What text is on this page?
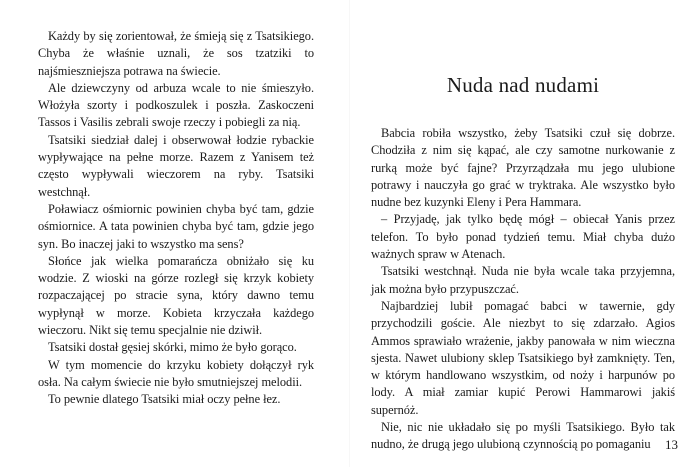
Każdy by się zorientował, że śmieją się z Tsatsikiego. Chyba że właśnie uznali, że sos tzatziki to najśmieszniejsza potrawa na świecie.

Ale dziewczyny od arbuza wcale to nie śmieszyło. Włożyła szorty i podkoszulek i poszła. Zaskoczeni Tassos i Vasilis zebrali swoje rzeczy i pobiegli za nią.

Tsatsiki siedział dalej i obserwował łodzie rybackie wypływające na pełne morze. Razem z Yanisem też często wypływali wieczorem na ryby. Tsatsiki westchnął.

Poławiacz ośmiornic powinien chyba być tam, gdzie ośmiornice. A tata powinien chyba być tam, gdzie jego syn. Bo inaczej jaki to wszystko ma sens?

Słońce jak wielka pomarańcza obniżało się ku wodzie. Z wioski na górze rozległ się krzyk kobiety rozpaczającej po stracie syna, który dawno temu wypłynął w morze. Kobieta krzyczała każdego wieczoru. Nikt się temu specjalnie nie dziwił.

Tsatsiki dostał gęsiej skórki, mimo że było gorąco.

W tym momencie do krzyku kobiety dołączył ryk osła. Na całym świecie nie było smutniejszej melodii.

To pewnie dlatego Tsatsiki miał oczy pełne łez.

Nuda nad nudami

Babcia robiła wszystko, żeby Tsatsiki czuł się dobrze. Chodziła z nim się kąpać, ale czy samotne nurkowanie z rurką może być fajne? Przyrządzała mu jego ulubione potrawy i nauczyła go grać w tryktraka. Ale wszystko było nudne bez kuzynki Eleny i Pera Hammara.

– Przyjadę, jak tylko będę mógł – obiecał Yanis przez telefon. To było ponad tydzień temu. Miał chyba dużo ważnych spraw w Atenach.

Tsatsiki westchnął. Nuda nie była wcale taka przyjemna, jak można było przypuszczać.

Najbardziej lubił pomagać babci w tawernie, gdy przychodzili goście. Ale niezbyt to się zdarzało. Agios Ammos sprawiało wrażenie, jakby panowała w nim wieczna sjesta. Nawet ulubiony sklep Tsatsikiego był zamknięty. Ten, w którym handlowano wszystkim, od noży i harpunów po lody. A miał zamiar kupić Perowi Hammarowi jakiś supernóż.

Nie, nic nie układało się po myśli Tsatsikiego. Było tak nudno, że drugą jego ulubioną czynnością po pomaganiu	13
